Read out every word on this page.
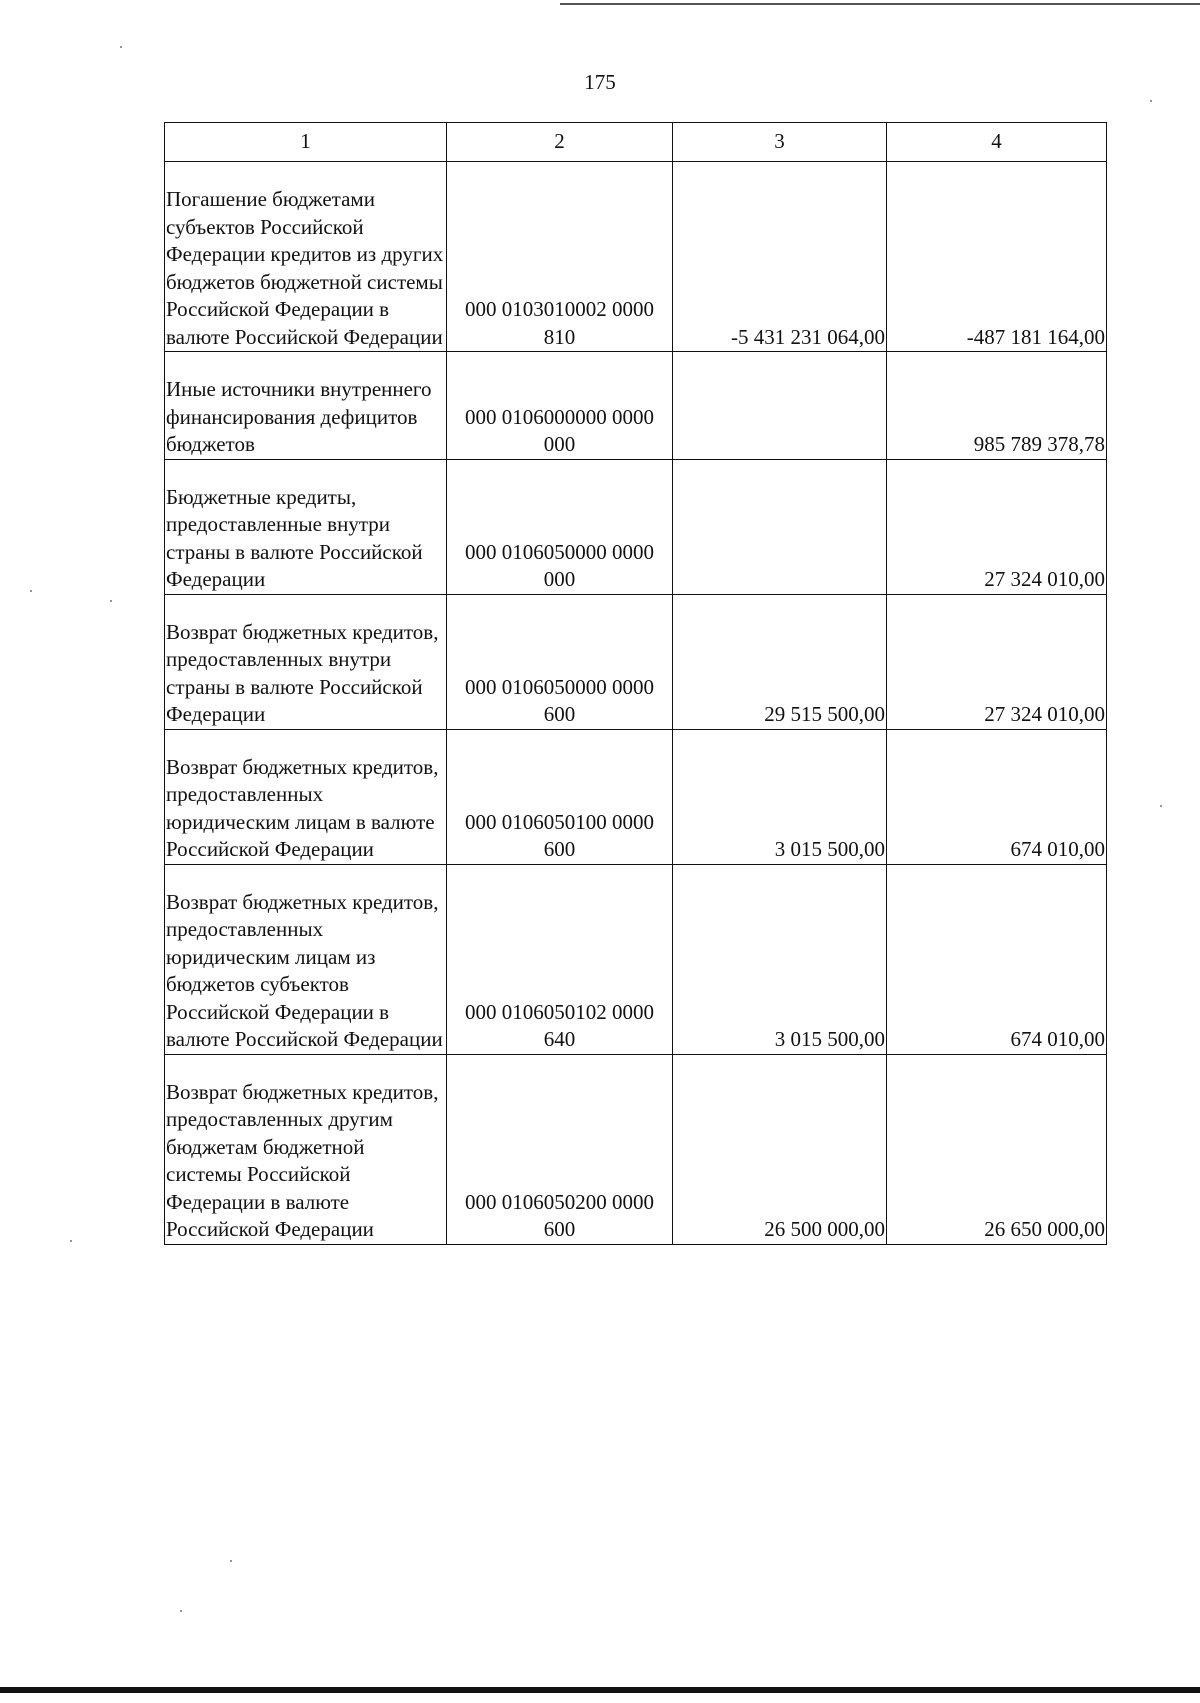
175
1	2	3	4
Погашение бюджетами субъектов Российской Федерации кредитов из других бюджетов бюджетной системы Российской Федерации в валюте Российской Федерации	000 0103010002 0000 810	-5 431 231 064,00	-487 181 164,00
Иные источники внутреннего финансирования дефицитов бюджетов	000 0106000000 0000 000		985 789 378,78
Бюджетные кредиты, предоставленные внутри страны в валюте Российской Федерации	000 0106050000 0000 000		27 324 010,00
Возврат бюджетных кредитов, предоставленных внутри страны в валюте Российской Федерации	000 0106050000 0000 600	29 515 500,00	27 324 010,00
Возврат бюджетных кредитов, предоставленных юридическим лицам в валюте Российской Федерации	000 0106050100 0000 600	3 015 500,00	674 010,00
Возврат бюджетных кредитов, предоставленных юридическим лицам из бюджетов субъектов Российской Федерации в валюте Российской Федерации	000 0106050102 0000 640	3 015 500,00	674 010,00
Возврат бюджетных кредитов, предоставленных другим бюджетам бюджетной системы Российской Федерации в валюте Российской Федерации	000 0106050200 0000 600	26 500 000,00	26 650 000,00
